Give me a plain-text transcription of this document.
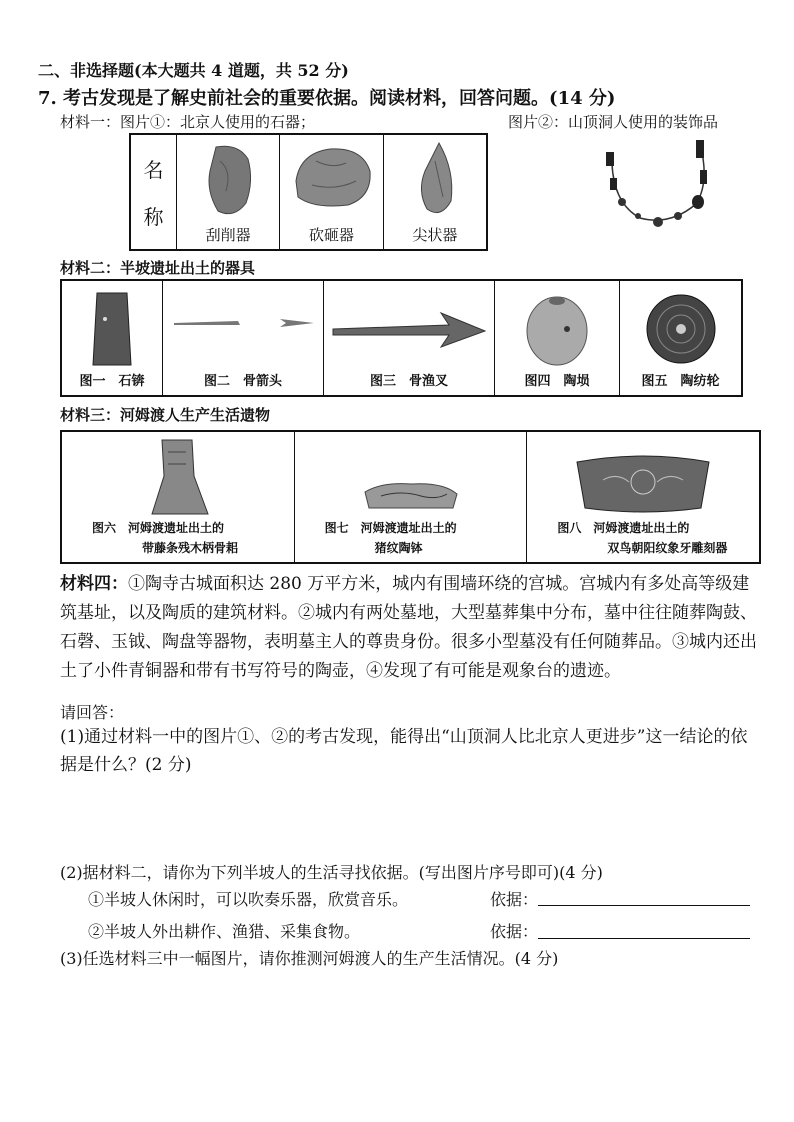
二、非选择题(本大题共 4 道题，共 52 分)
7. 考古发现是了解史前社会的重要依据。阅读材料，回答问题。(14 分)
材料一：图片①：北京人使用的石器；	图片②：山顶洞人使用的装饰品
名
称
刮削器	砍砸器	尖状器
材料二：半坡遗址出土的器具
图一　石锛	图二　骨箭头	图三　骨渔叉	图四　陶埙	图五　陶纺轮
材料三：河姆渡人生产生活遗物
图六　河姆渡遗址出土的
带藤条残木柄骨耜
图七　河姆渡遗址出土的
猪纹陶钵
图八　河姆渡遗址出土的
双鸟朝阳纹象牙雕刻器
材料四：①陶寺古城面积达 280 万平方米，城内有围墙环绕的宫城。宫城内有多处高等级建筑基址，以及陶质的建筑材料。②城内有两处墓地，大型墓葬集中分布，墓中往往随葬陶鼓、石磬、玉钺、陶盘等器物，表明墓主人的尊贵身份。很多小型墓没有任何随葬品。③城内还出土了小件青铜器和带有书写符号的陶壶，④发现了有可能是观象台的遗迹。
请回答：
(1)通过材料一中的图片①、②的考古发现，能得出“山顶洞人比北京人更进步”这一结论的依据是什么？(2 分)
(2)据材料二，请你为下列半坡人的生活寻找依据。(写出图片序号即可)(4 分)
①半坡人休闲时，可以吹奏乐器，欣赏音乐。	依据：
②半坡人外出耕作、渔猎、采集食物。	依据：
(3)任选材料三中一幅图片，请你推测河姆渡人的生产生活情况。(4 分)
